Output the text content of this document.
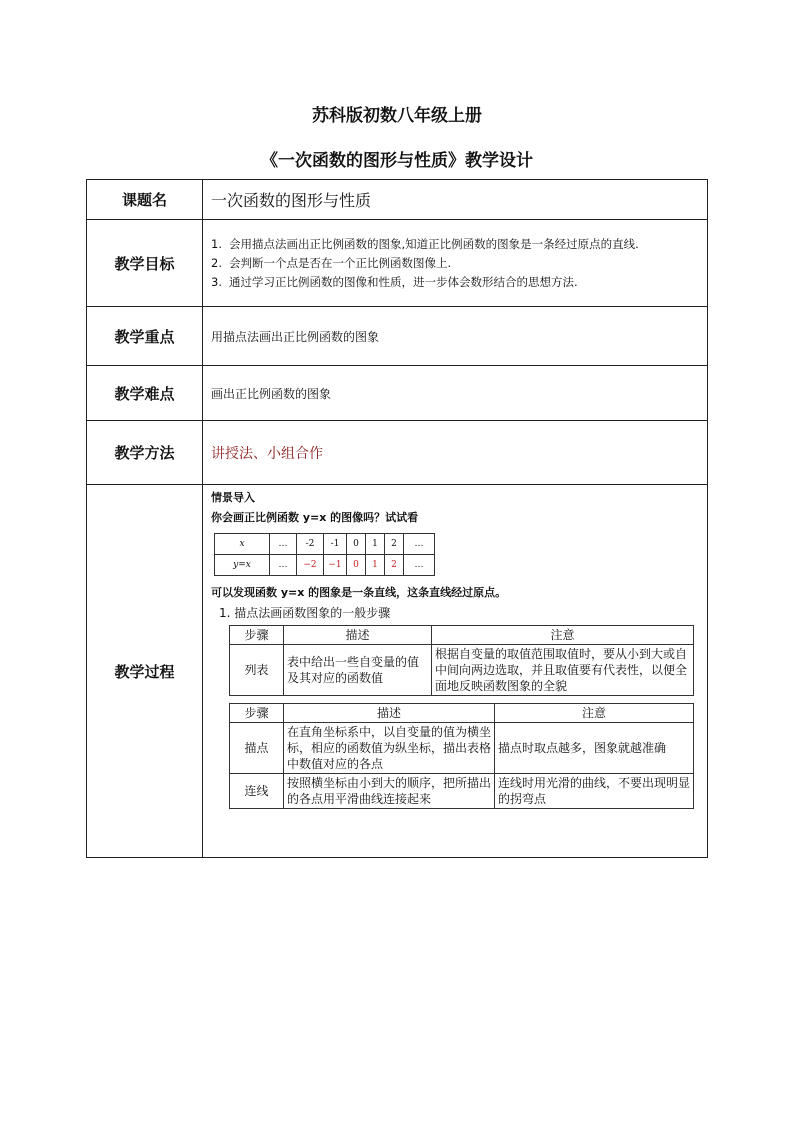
苏科版初数八年级上册
《一次函数的图形与性质》教学设计
课题名	一次函数的图形与性质
教学目标	
1. 会用描点法画出正比例函数的图象,知道正比例函数的图象是一条经过原点的直线.
2. 会判断一个点是否在一个正比例函数图像上.
3. 通过学习正比例函数的图像和性质，进一步体会数形结合的思想方法.

教学重点	用描点法画出正比例函数的图象
教学难点	画出正比例函数的图象
教学方法	讲授法、小组合作
教学过程	
情景导入
你会画正比例函数 y=x 的图像吗？试试看
x	…	-2	-1	0	1	2	…
y=x	…	−2	−1	0	1	2	…
可以发现函数 y=x 的图象是一条直线，这条直线经过原点。
1. 描点法画函数图象的一般步骤
步骤	描述	注意
列表	表中给出一些自变量的值及其对应的函数值	根据自变量的取值范围取值时，要从小到大或自中间向两边选取，并且取值要有代表性，以便全面地反映函数图象的全貌
步骤	描述	注意
描点	在直角坐标系中，以自变量的值为横坐标，相应的函数值为纵坐标，描出表格中数值对应的各点	描点时取点越多，图象就越准确
连线	按照横坐标由小到大的顺序，把所描出的各点用平滑曲线连接起来	连线时用光滑的曲线，不要出现明显的拐弯点
